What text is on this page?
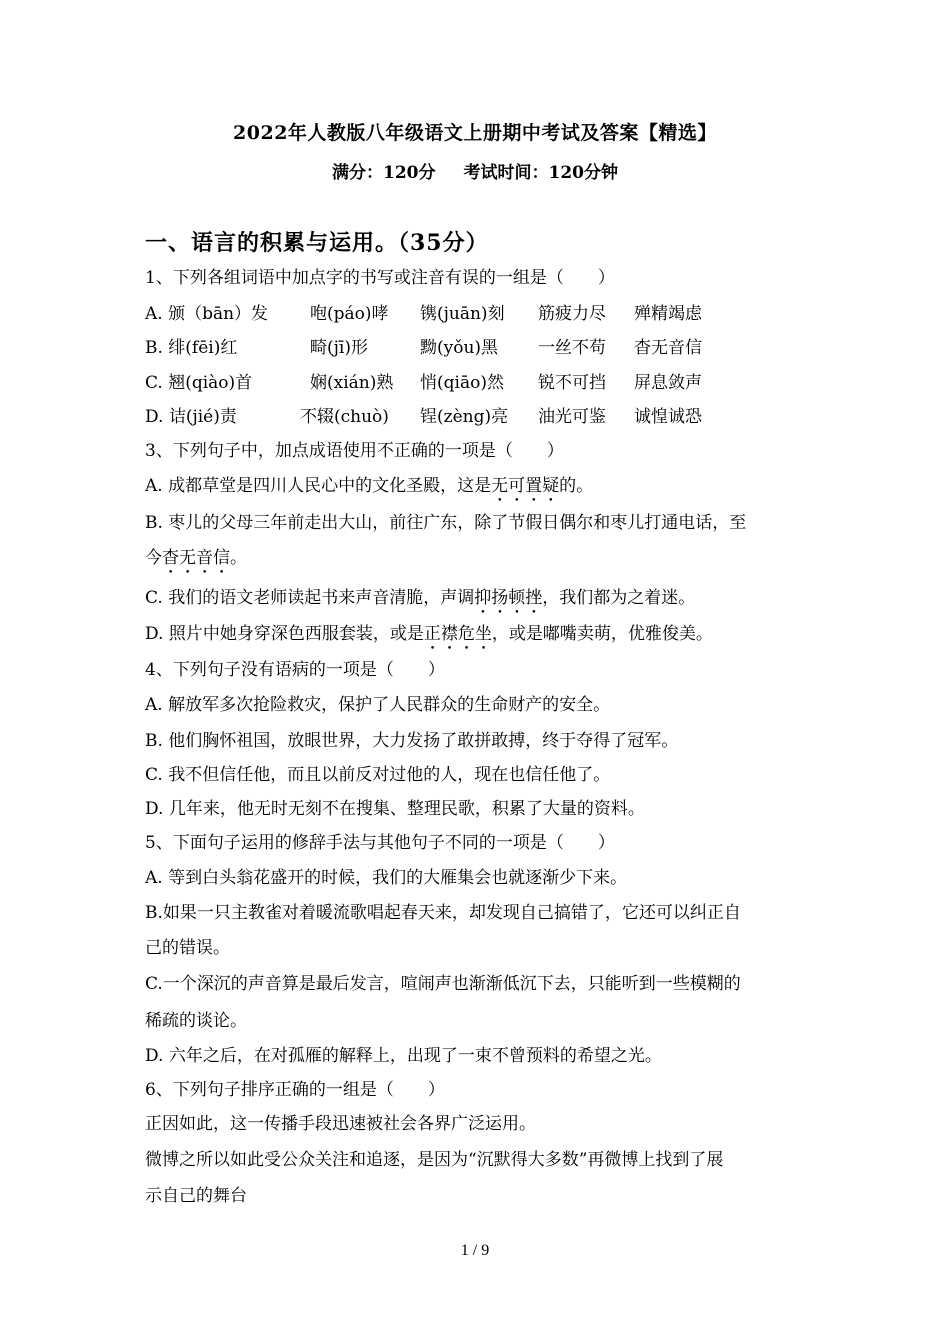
2022年人教版八年级语文上册期中考试及答案【精选】
满分：120分 考试时间：120分钟
一、语言的积累与运用。（35分）
1、下列各组词语中加点字的书写或注音有误的一组是（　　）
A. 颁（bān）发 咆(páo)哮 镌(juān)刻 筋疲力尽 殚精竭虑
B. 绯(fēi)红	畸(jī)形	黝(yǒu)黑 一丝不苟 杳无音信
C. 翘(qiào)首	娴(xián)熟 悄(qiāo)然 锐不可挡 屏息敛声
D. 诘(jié)责	不辍(chuò) 锃(zèng)亮 油光可鉴 诚惶诚恐
3、下列句子中，加点成语使用不正确的一项是（　　）
A. 成都草堂是四川人民心中的文化圣殿，这是无可置疑的。
B. 枣儿的父母三年前走出大山，前往广东，除了节假日偶尔和枣儿打通电话，至
今杳无音信。
C. 我们的语文老师读起书来声音清脆，声调抑扬顿挫，我们都为之着迷。
D. 照片中她身穿深色西服套装，或是正襟危坐，或是嘟嘴卖萌，优雅俊美。
4、下列句子没有语病的一项是（　　）
A. 解放军多次抢险救灾，保护了人民群众的生命财产的安全。
B. 他们胸怀祖国，放眼世界，大力发扬了敢拼敢搏，终于夺得了冠军。
C. 我不但信任他，而且以前反对过他的人，现在也信任他了。
D. 几年来，他无时无刻不在搜集、整理民歌，积累了大量的资料。
5、下面句子运用的修辞手法与其他句子不同的一项是（　　）
A. 等到白头翁花盛开的时候，我们的大雁集会也就逐渐少下来。
B.如果一只主教雀对着暖流歌唱起春天来，却发现自己搞错了，它还可以纠正自
己的错误。
C.一个深沉的声音算是最后发言，喧闹声也渐渐低沉下去，只能听到一些模糊的
稀疏的谈论。
D. 六年之后，在对孤雁的解释上，出现了一束不曾预料的希望之光。
6、下列句子排序正确的一组是（　　）
正因如此，这一传播手段迅速被社会各界广泛运用。
微博之所以如此受公众关注和追逐，是因为“沉默得大多数”再微博上找到了展
示自己的舞台
1 / 9
